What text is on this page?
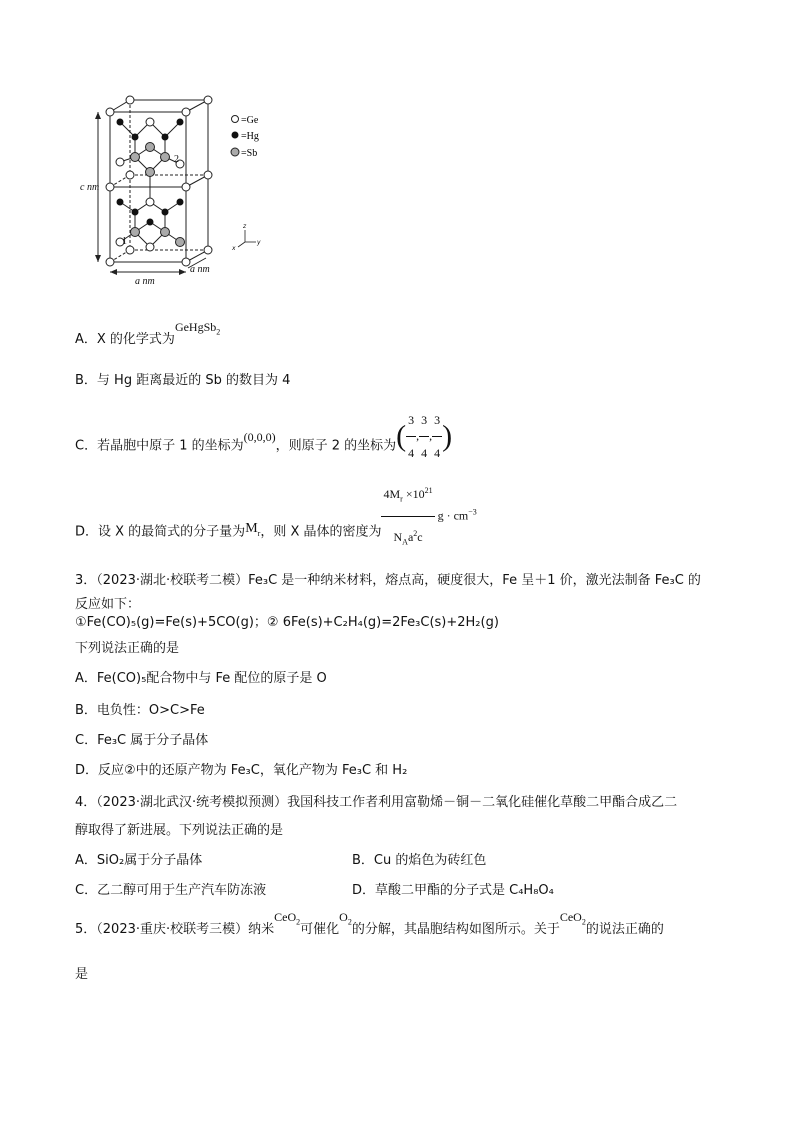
2
1
c nm
a nm
a nm
=Ge
=Hg
=Sb
z
y
x
A．X 的化学式为GeHgSb$_2$
B．与 Hg 距离最近的 Sb 的数目为 4
C．若晶胞中原子 1 的坐标为(0,0,0)，则原子 2 的坐标为( $\frac{3}{4}$ , $\frac{3}{4}$ , $\frac{3}{4}$ )
D．设 X 的最简式的分子量为$M_r$，则 X 晶体的密度为 $\frac{4M_r \times 10^{21}}{N_Aa^2c}$ $g \cdot cm^{-3}$
3．（2023·湖北·校联考二模）Fe₃C 是一种纳米材料，熔点高，硬度很大，Fe 呈＋1 价，激光法制备 Fe₃C 的
反应如下：
①Fe(CO)₅(g)=Fe(s)+5CO(g)；② 6Fe(s)+C₂H₄(g)=2Fe₃C(s)+2H₂(g)
下列说法正确的是
A．Fe(CO)₅配合物中与 Fe 配位的原子是 O
B．电负性：O>C>Fe
C．Fe₃C 属于分子晶体
D．反应②中的还原产物为 Fe₃C，氧化产物为 Fe₃C 和 H₂
4．（2023·湖北武汉·统考模拟预测）我国科技工作者利用富勒烯－铜－二氧化硅催化草酸二甲酯合成乙二
醇取得了新进展。下列说法正确的是
A．SiO₂属于分子晶体	B．Cu 的焰色为砖红色
C．乙二醇可用于生产汽车防冻液	D．草酸二甲酯的分子式是 C₄H₈O₄
5．（2023·重庆·校联考三模）纳米CeO$_2$可催化$O_2$的分解，其晶胞结构如图所示。关于CeO$_2$的说法正确的
是
